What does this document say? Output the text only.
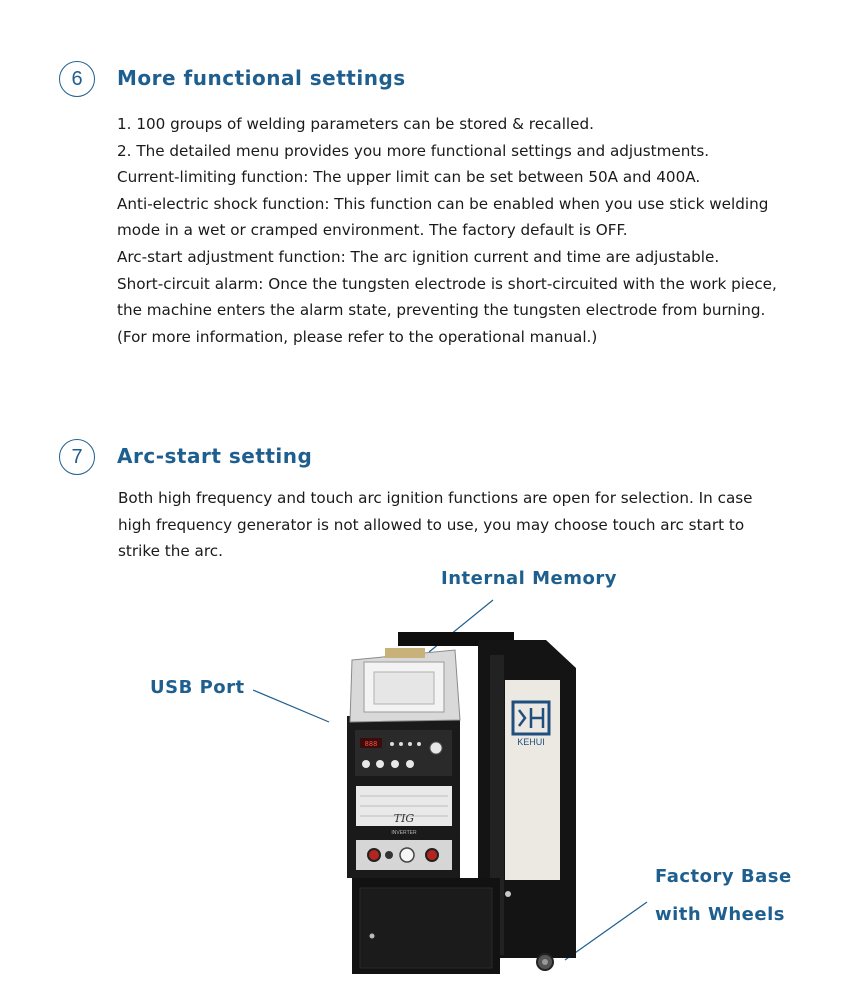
6 More functional settings
1. 100 groups of welding parameters can be stored & recalled.
2. The detailed menu provides you more functional settings and adjustments.
Current-limiting function: The upper limit can be set between 50A and 400A.
Anti-electric shock function: This function can be enabled when you use stick welding
mode in a wet or cramped environment. The factory default is OFF.
Arc-start adjustment function: The arc ignition current and time are adjustable.
Short-circuit alarm: Once the tungsten electrode is short-circuited with the work piece,
the machine enters the alarm state, preventing the tungsten electrode from burning.
(For more information, please refer to the operational manual.)
7 Arc-start setting
Both high frequency and touch arc ignition functions are open for selection. In case
high frequency generator is not allowed to use, you may choose touch arc start to
strike the arc.
Internal Memory
USB Port
Factory Base
with Wheels
KEHUI
888
TIG
INVERTER
